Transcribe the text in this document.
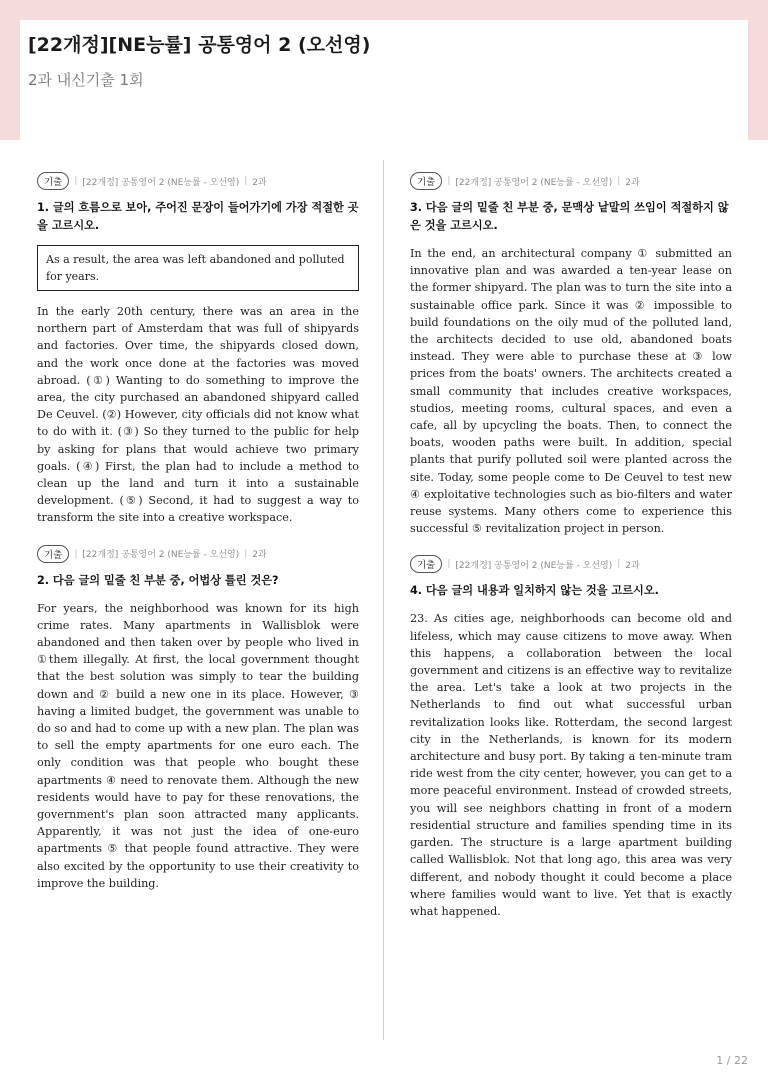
[22개정][NE능률] 공통영어 2 (오선영)
2과 내신기출 1회
기출	| [22개정] 공통영어 2 (NE능률 - 오선영) | 2과
1. 글의 흐름으로 보아, 주어진 문장이 들어가기에 가장 적절한 곳을 고르시오.
As a result, the area was left abandoned and polluted for years.

In the early 20th century, there was an area in the northern part of Amsterdam that was full of shipyards and factories. Over time, the shipyards closed down, and the work once done at the factories was moved abroad. (①) Wanting to do something to improve the area, the city purchased an abandoned shipyard called De Ceuvel. (②) However, city officials did not know what to do with it. (③) So they turned to the public for help by asking for plans that would achieve two primary goals. (④) First, the plan had to include a method to clean up the land and turn it into a sustainable development. (⑤) Second, it had to suggest a way to transform the site into a creative workspace.

기출	| [22개정] 공통영어 2 (NE능률 - 오선영) | 2과
2. 다음 글의 밑줄 친 부분 중, 어법상 틀린 것은?

For years, the neighborhood was known for its high crime rates. Many apartments in Wallisblok were abandoned and then taken over by people who lived in ①them illegally. At first, the local government thought that the best solution was simply to tear the building down and ② build a new one in its place. However, ③ having a limited budget, the government was unable to do so and had to come up with a new plan. The plan was to sell the empty apartments for one euro each. The only condition was that people who bought these apartments ④ need to renovate them. Although the new residents would have to pay for these renovations, the government's plan soon attracted many applicants. Apparently, it was not just the idea of one-euro apartments ⑤ that people found attractive. They were also excited by the opportunity to use their creativity to improve the building.

기출	| [22개정] 공통영어 2 (NE능률 - 오선영) | 2과
3. 다음 글의 밑줄 친 부분 중, 문맥상 낱말의 쓰임이 적절하지 않은 것을 고르시오.

In the end, an architectural company ① submitted an innovative plan and was awarded a ten-year lease on the former shipyard. The plan was to turn the site into a sustainable office park. Since it was ② impossible to build foundations on the oily mud of the polluted land, the architects decided to use old, abandoned boats instead. They were able to purchase these at ③ low prices from the boats' owners. The architects created a small community that includes creative workspaces, studios, meeting rooms, cultural spaces, and even a cafe, all by upcycling the boats. Then, to connect the boats, wooden paths were built. In addition, special plants that purify polluted soil were planted across the site. Today, some people come to De Ceuvel to test new ④ exploitative technologies such as bio-filters and water reuse systems. Many others come to experience this successful ⑤ revitalization project in person.

기출	| [22개정] 공통영어 2 (NE능률 - 오선영) | 2과
4. 다음 글의 내용과 일치하지 않는 것을 고르시오.

23. As cities age, neighborhoods can become old and lifeless, which may cause citizens to move away. When this happens, a collaboration between the local government and citizens is an effective way to revitalize the area. Let's take a look at two projects in the Netherlands to find out what successful urban revitalization looks like. Rotterdam, the second largest city in the Netherlands, is known for its modern architecture and busy port. By taking a ten-minute tram ride west from the city center, however, you can get to a more peaceful environment. Instead of crowded streets, you will see neighbors chatting in front of a modern residential structure and families spending time in its garden. The structure is a large apartment building called Wallisblok. Not that long ago, this area was very different, and nobody thought it could become a place where families would want to live. Yet that is exactly what happened.

1 / 22
